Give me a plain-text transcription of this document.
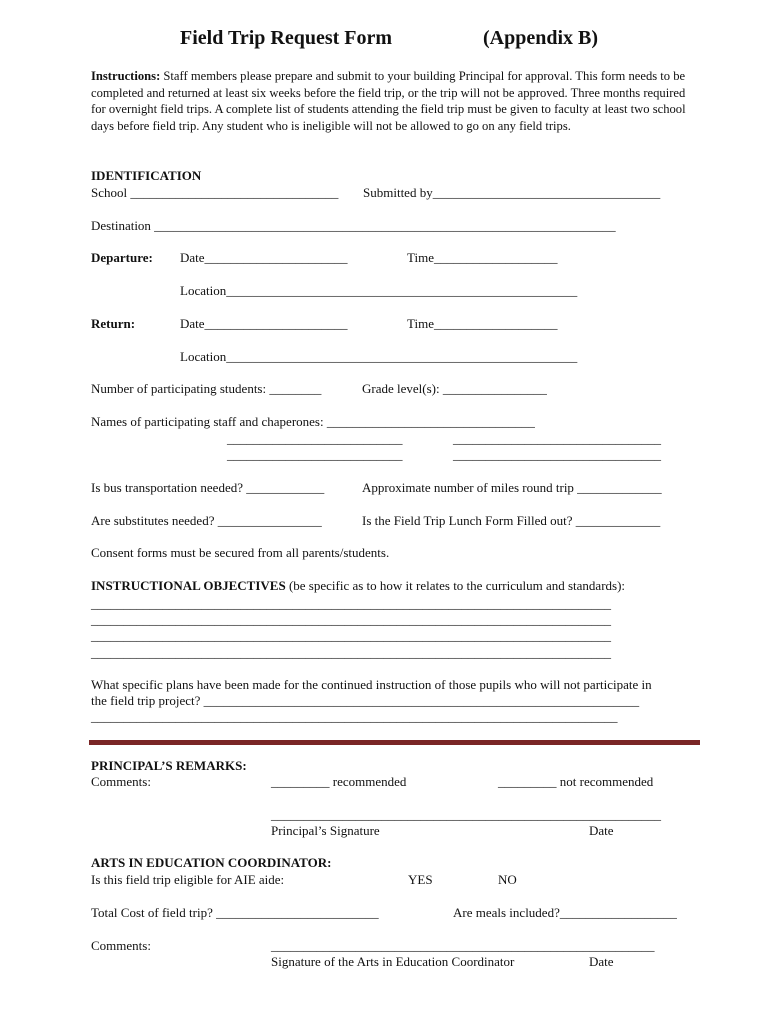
Field Trip Request Form	(Appendix B)
Instructions: Staff members please prepare and submit to your building Principal for approval. This form needs to be completed and returned at least six weeks before the field trip, or the trip will not be approved. Three months required for overnight field trips. A complete list of students attending the field trip must be given to faculty at least two school days before field trip. Any student who is ineligible will not be allowed to go on any field trips.
IDENTIFICATION
School ________________________________ Submitted by___________________________________
Destination _______________________________________________________________________
Departure: Date______________________	Time___________________
Location______________________________________________________
Return:	Date______________________	Time___________________
Location______________________________________________________
Number of participating students: ________	Grade level(s): ________________
Names of participating staff and chaperones: ________________________________
___________________________	________________________________
___________________________	________________________________
Is bus transportation needed? ____________	Approximate number of miles round trip _____________
Are substitutes needed? ________________	Is the Field Trip Lunch Form Filled out? _____________
Consent forms must be secured from all parents/students.
INSTRUCTIONAL OBJECTIVES (be specific as to how it relates to the curriculum and standards):
________________________________________________________________________________
________________________________________________________________________________
________________________________________________________________________________
________________________________________________________________________________
What specific plans have been made for the continued instruction of those pupils who will not participate in
the field trip project? ___________________________________________________________________
_________________________________________________________________________________
PRINCIPAL’S REMARKS:
Comments:	_________ recommended	_________ not recommended
____________________________________________________________
Principal’s Signature	Date
ARTS IN EDUCATION COORDINATOR:
Is this field trip eligible for AIE aide:	YES	NO
Total Cost of field trip? _________________________	Are meals included?__________________
Comments:	___________________________________________________________
Signature of the Arts in Education Coordinator	Date
